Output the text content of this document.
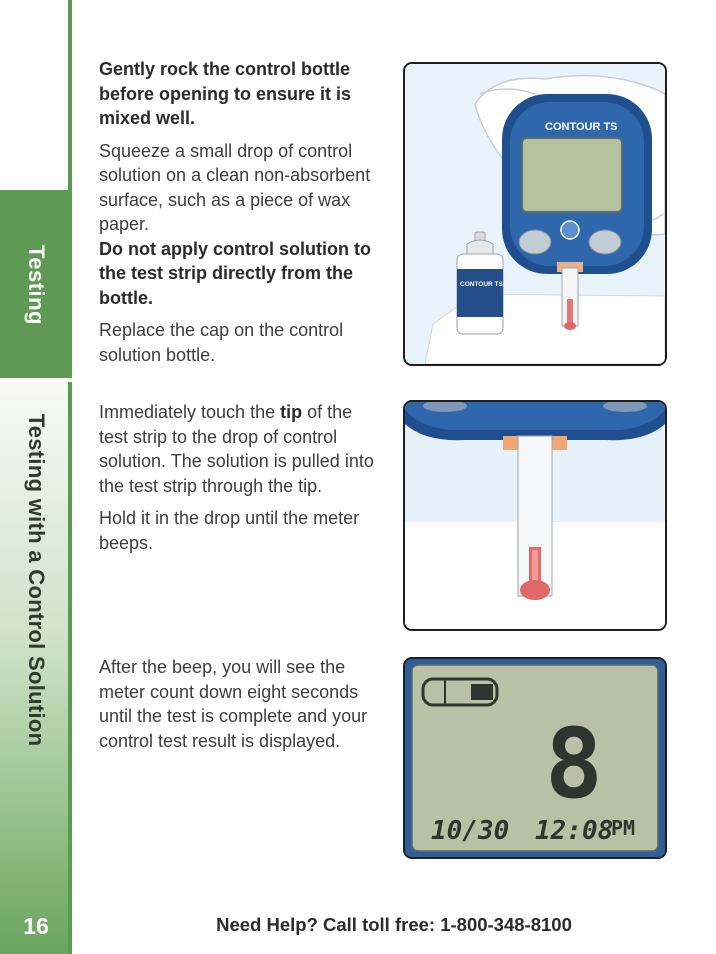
Testing
Testing with a Control Solution
16

Gently rock the control bottle before opening to ensure it is mixed well.

Squeeze a small drop of control solution on a clean non-absorbent surface, such as a piece of wax paper.

Do not apply control solution to the test strip directly from the bottle.

Replace the cap on the control solution bottle.

Immediately touch the tip of the test strip to the drop of control solution. The solution is pulled into the test strip through the tip.

Hold it in the drop until the meter beeps.

After the beep, you will see the meter count down eight seconds until the test is complete and your control test result is displayed.

CONTOUR TS
CONTOUR TS
8
10/30 12:08
PM
Need Help? Call toll free: 1-800-348-8100
